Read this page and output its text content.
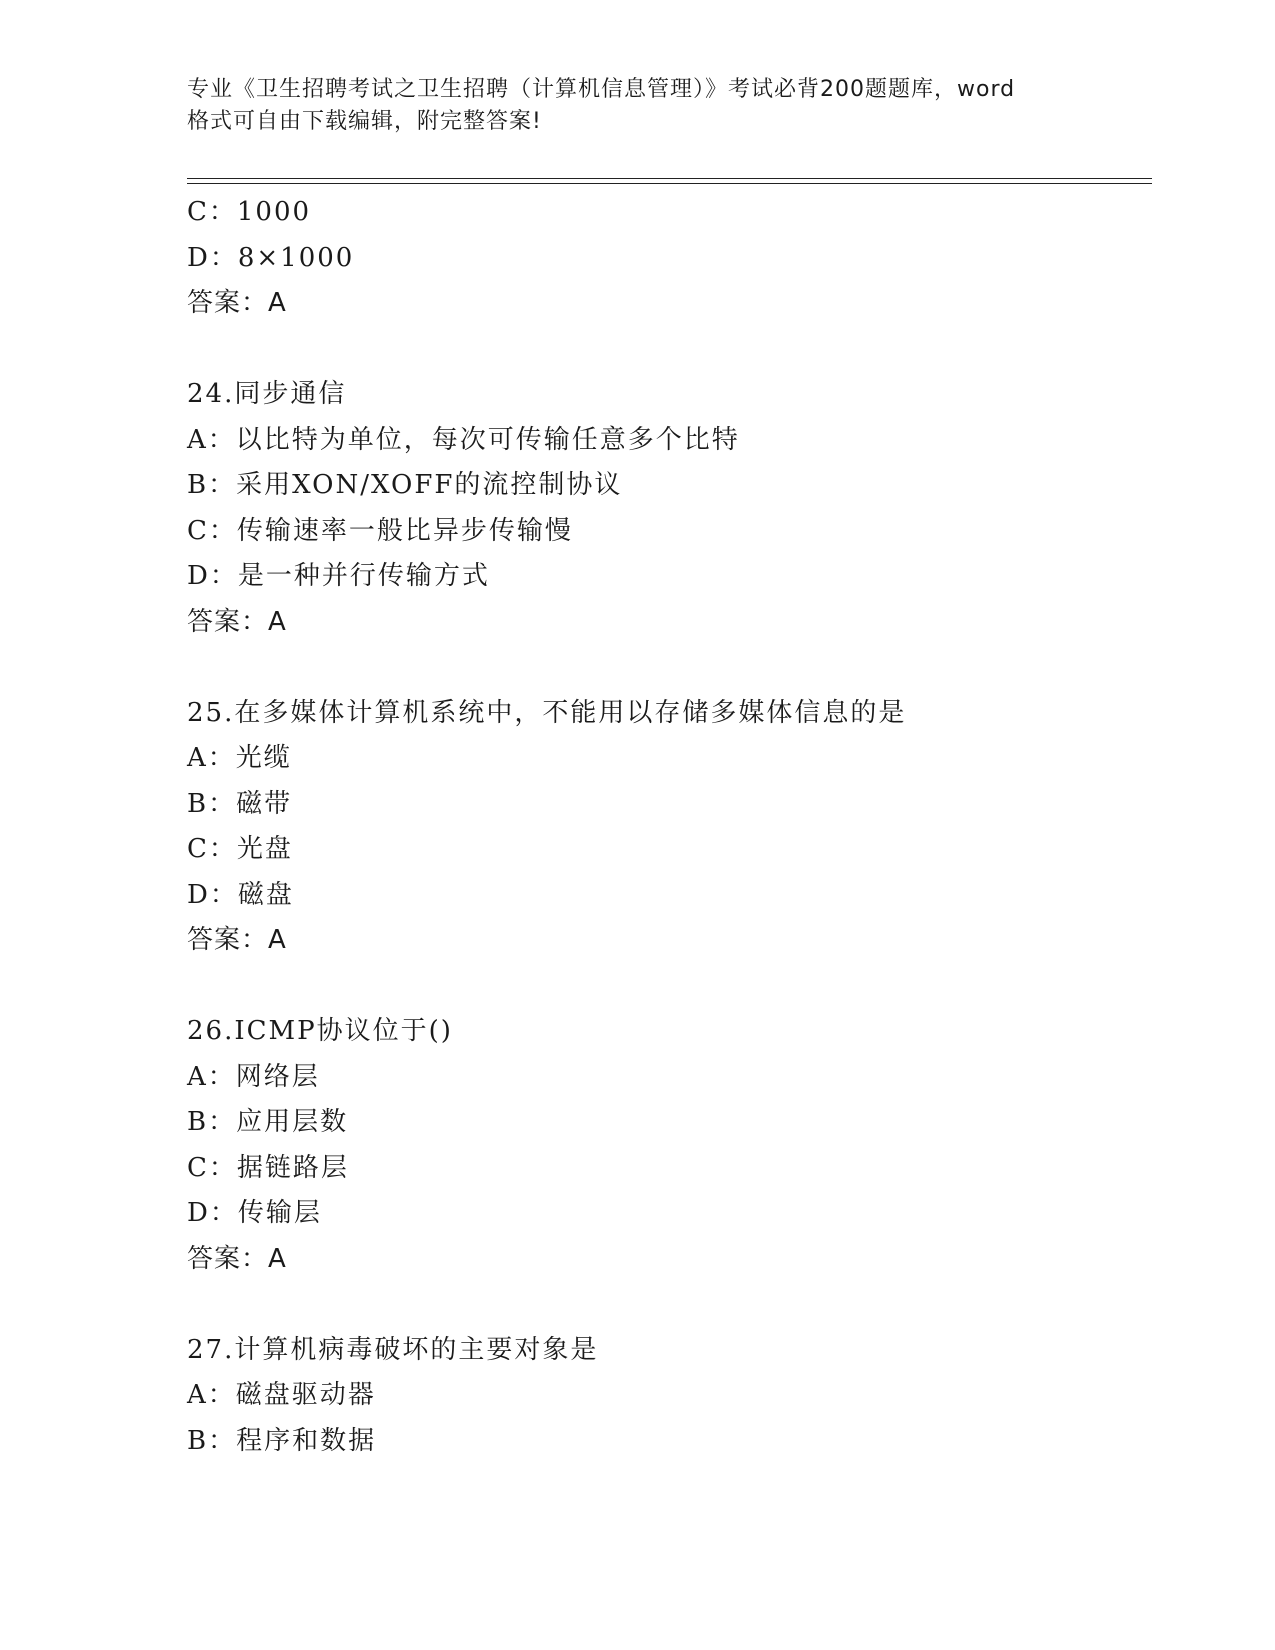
专业《卫生招聘考试之卫生招聘（计算机信息管理）》考试必背200题题库，word
格式可自由下载编辑，附完整答案!
C：1000
D：8×1000
答案：A
24.同步通信
A：以比特为单位，每次可传输任意多个比特
B：采用XON/XOFF的流控制协议
C：传输速率一般比异步传输慢
D：是一种并行传输方式
答案：A
25.在多媒体计算机系统中，不能用以存储多媒体信息的是
A：光缆
B：磁带
C：光盘
D：磁盘
答案：A
26.ICMP协议位于()
A：网络层
B：应用层数
C：据链路层
D：传输层
答案：A
27.计算机病毒破坏的主要对象是
A：磁盘驱动器
B：程序和数据
